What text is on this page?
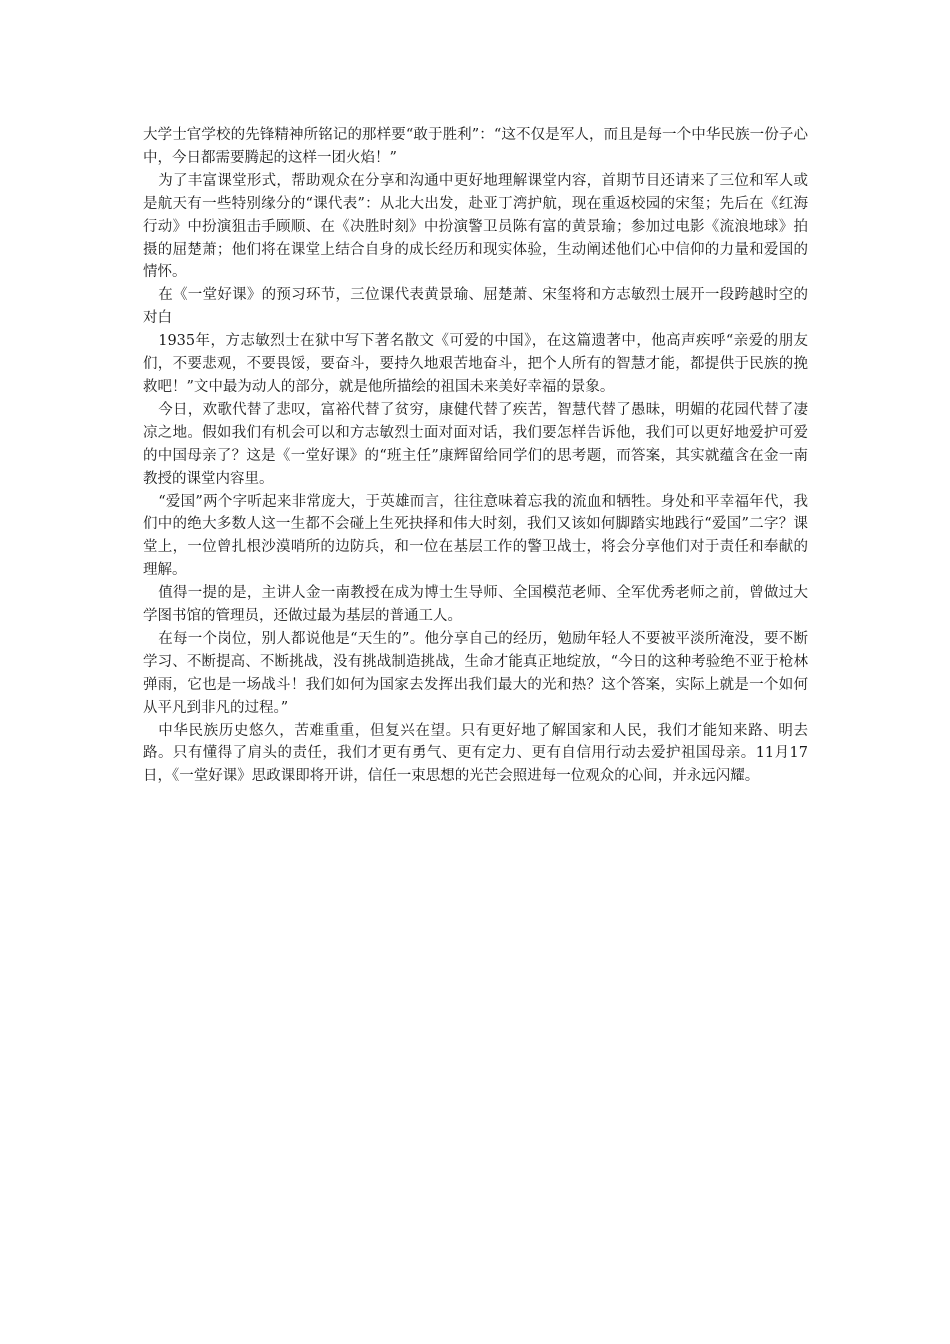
大学士官学校的先锋精神所铭记的那样要“敢于胜利”：“这不仅是军人，而且是每一个中华民族一份子心中，今日都需要腾起的这样一团火焰！”

为了丰富课堂形式，帮助观众在分享和沟通中更好地理解课堂内容，首期节目还请来了三位和军人或是航天有一些特别缘分的“课代表”：从北大出发，赴亚丁湾护航，现在重返校园的宋玺；先后在《红海行动》中扮演狙击手顾顺、在《决胜时刻》中扮演警卫员陈有富的黄景瑜；参加过电影《流浪地球》拍摄的屈楚萧；他们将在课堂上结合自身的成长经历和现实体验，生动阐述他们心中信仰的力量和爱国的情怀。

在《一堂好课》的预习环节，三位课代表黄景瑜、屈楚萧、宋玺将和方志敏烈士展开一段跨越时空的对白

1935年，方志敏烈士在狱中写下著名散文《可爱的中国》，在这篇遗著中，他高声疾呼“亲爱的朋友们，不要悲观，不要畏馁，要奋斗，要持久地艰苦地奋斗，把个人所有的智慧才能，都提供于民族的挽救吧！”文中最为动人的部分，就是他所描绘的祖国未来美好幸福的景象。

今日，欢歌代替了悲叹，富裕代替了贫穷，康健代替了疾苦，智慧代替了愚昧，明媚的花园代替了凄凉之地。假如我们有机会可以和方志敏烈士面对面对话，我们要怎样告诉他，我们可以更好地爱护可爱的中国母亲了？这是《一堂好课》的“班主任”康辉留给同学们的思考题，而答案，其实就蕴含在金一南教授的课堂内容里。

“爱国”两个字听起来非常庞大，于英雄而言，往往意味着忘我的流血和牺牲。身处和平幸福年代，我们中的绝大多数人这一生都不会碰上生死抉择和伟大时刻，我们又该如何脚踏实地践行“爱国”二字？课堂上，一位曾扎根沙漠哨所的边防兵，和一位在基层工作的警卫战士，将会分享他们对于责任和奉献的理解。

值得一提的是，主讲人金一南教授在成为博士生导师、全国模范老师、全军优秀老师之前，曾做过大学图书馆的管理员，还做过最为基层的普通工人。

在每一个岗位，别人都说他是“天生的”。他分享自己的经历，勉励年轻人不要被平淡所淹没，要不断学习、不断提高、不断挑战，没有挑战制造挑战，生命才能真正地绽放，“今日的这种考验绝不亚于枪林弹雨，它也是一场战斗！我们如何为国家去发挥出我们最大的光和热？这个答案，实际上就是一个如何从平凡到非凡的过程。”

中华民族历史悠久，苦难重重，但复兴在望。只有更好地了解国家和人民，我们才能知来路、明去路。只有懂得了肩头的责任，我们才更有勇气、更有定力、更有自信用行动去爱护祖国母亲。11月17日，《一堂好课》思政课即将开讲，信任一束思想的光芒会照进每一位观众的心间，并永远闪耀。
